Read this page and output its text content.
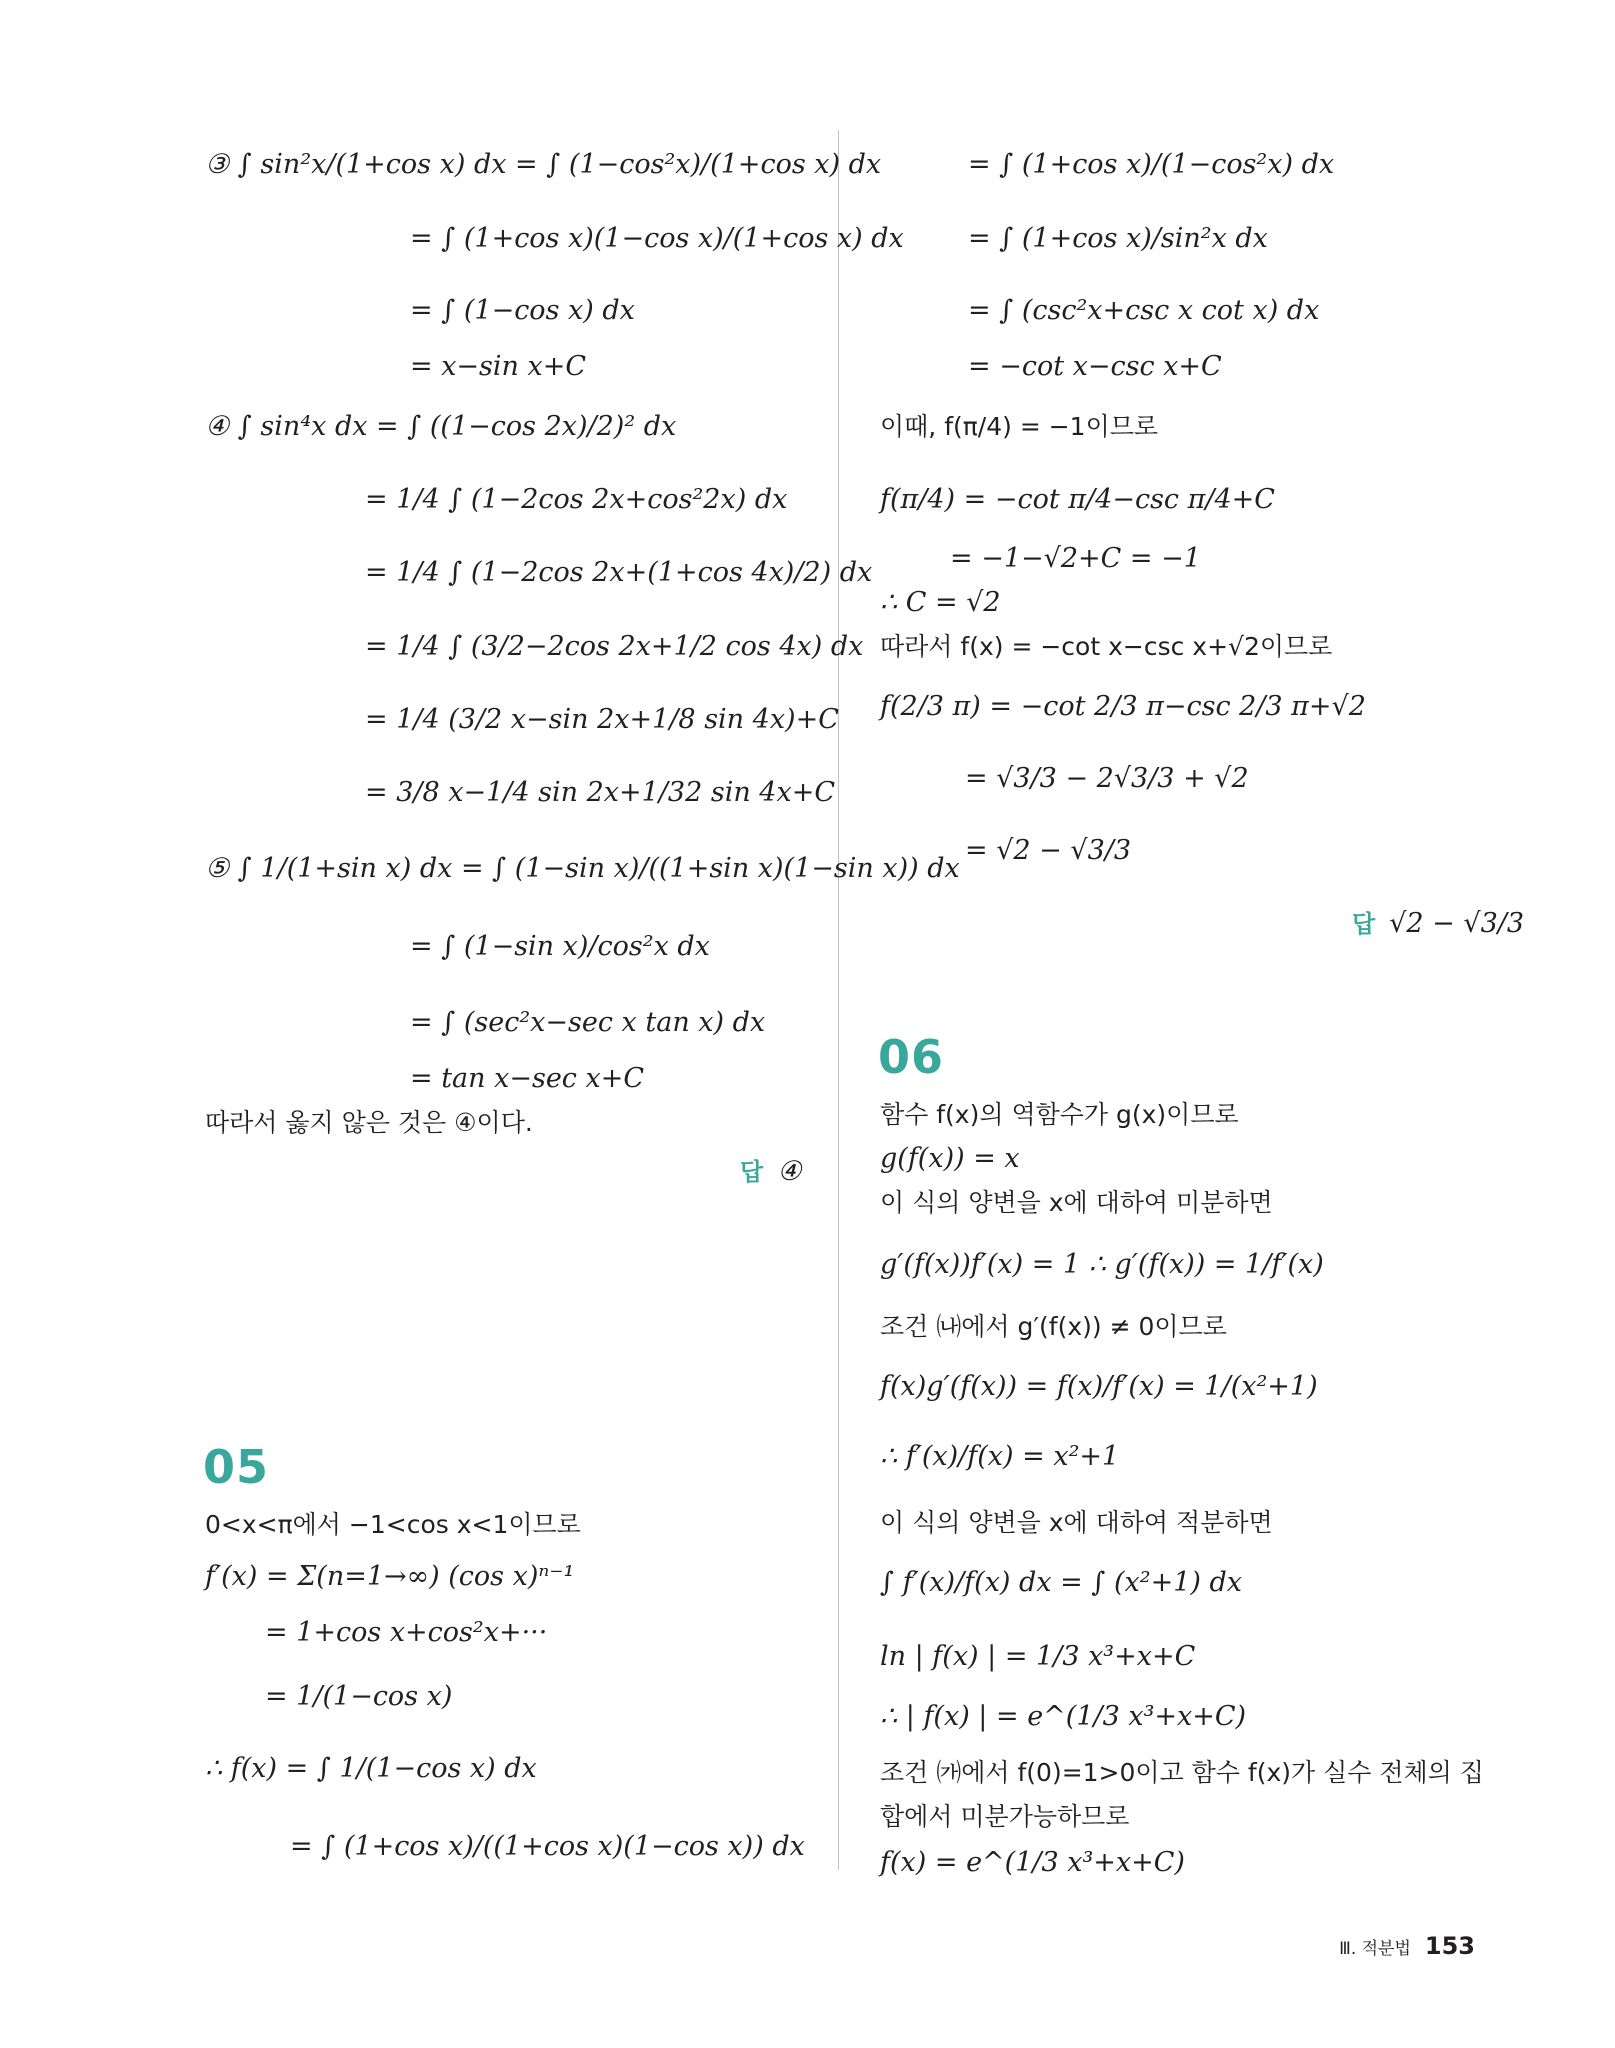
③ ∫ sin²x/(1+cos x) dx = ∫ (1−cos²x)/(1+cos x) dx
= ∫ (1+cos x)(1−cos x)/(1+cos x) dx
= ∫ (1−cos x) dx
= x−sin x+C
④ ∫ sin⁴x dx = ∫ ((1−cos 2x)/2)² dx
= 1/4 ∫ (1−2cos 2x+cos²2x) dx
= 1/4 ∫ (1−2cos 2x+(1+cos 4x)/2) dx
= 1/4 ∫ (3/2−2cos 2x+1/2 cos 4x) dx
= 1/4 (3/2 x−sin 2x+1/8 sin 4x)+C
= 3/8 x−1/4 sin 2x+1/32 sin 4x+C
⑤ ∫ 1/(1+sin x) dx = ∫ (1−sin x)/((1+sin x)(1−sin x)) dx
= ∫ (1−sin x)/cos²x dx
= ∫ (sec²x−sec x tan x) dx
= tan x−sec x+C
따라서 옳지 않은 것은 ④이다.
답 ④
05
0<x<π에서 −1<cos x<1이므로
f′(x) = Σ(n=1→∞) (cos x)ⁿ⁻¹
= 1+cos x+cos²x+···
= 1/(1−cos x)
∴ f(x) = ∫ 1/(1−cos x) dx
= ∫ (1+cos x)/((1+cos x)(1−cos x)) dx
= ∫ (1+cos x)/(1−cos²x) dx
= ∫ (1+cos x)/sin²x dx
= ∫ (csc²x+csc x cot x) dx
= −cot x−csc x+C
이때, f(π/4) = −1이므로
f(π/4) = −cot π/4−csc π/4+C
= −1−√2+C = −1
∴ C = √2
따라서 f(x) = −cot x−csc x+√2이므로
f(2/3 π) = −cot 2/3 π−csc 2/3 π+√2
= √3/3 − 2√3/3 + √2
= √2 − √3/3
답 √2 − √3/3
06
함수 f(x)의 역함수가 g(x)이므로
g(f(x)) = x
이 식의 양변을 x에 대하여 미분하면
g′(f(x))f′(x) = 1 ∴ g′(f(x)) = 1/f′(x)
조건 ㈏에서 g′(f(x)) ≠ 0이므로
f(x)g′(f(x)) = f(x)/f′(x) = 1/(x²+1)
∴ f′(x)/f(x) = x²+1
이 식의 양변을 x에 대하여 적분하면
∫ f′(x)/f(x) dx = ∫ (x²+1) dx
ln | f(x) | = 1/3 x³+x+C
∴ | f(x) | = e^(1/3 x³+x+C)
조건 ㈎에서 f(0)=1>0이고 함수 f(x)가 실수 전체의 집
합에서 미분가능하므로
f(x) = e^(1/3 x³+x+C)
Ⅲ. 적분법 153
